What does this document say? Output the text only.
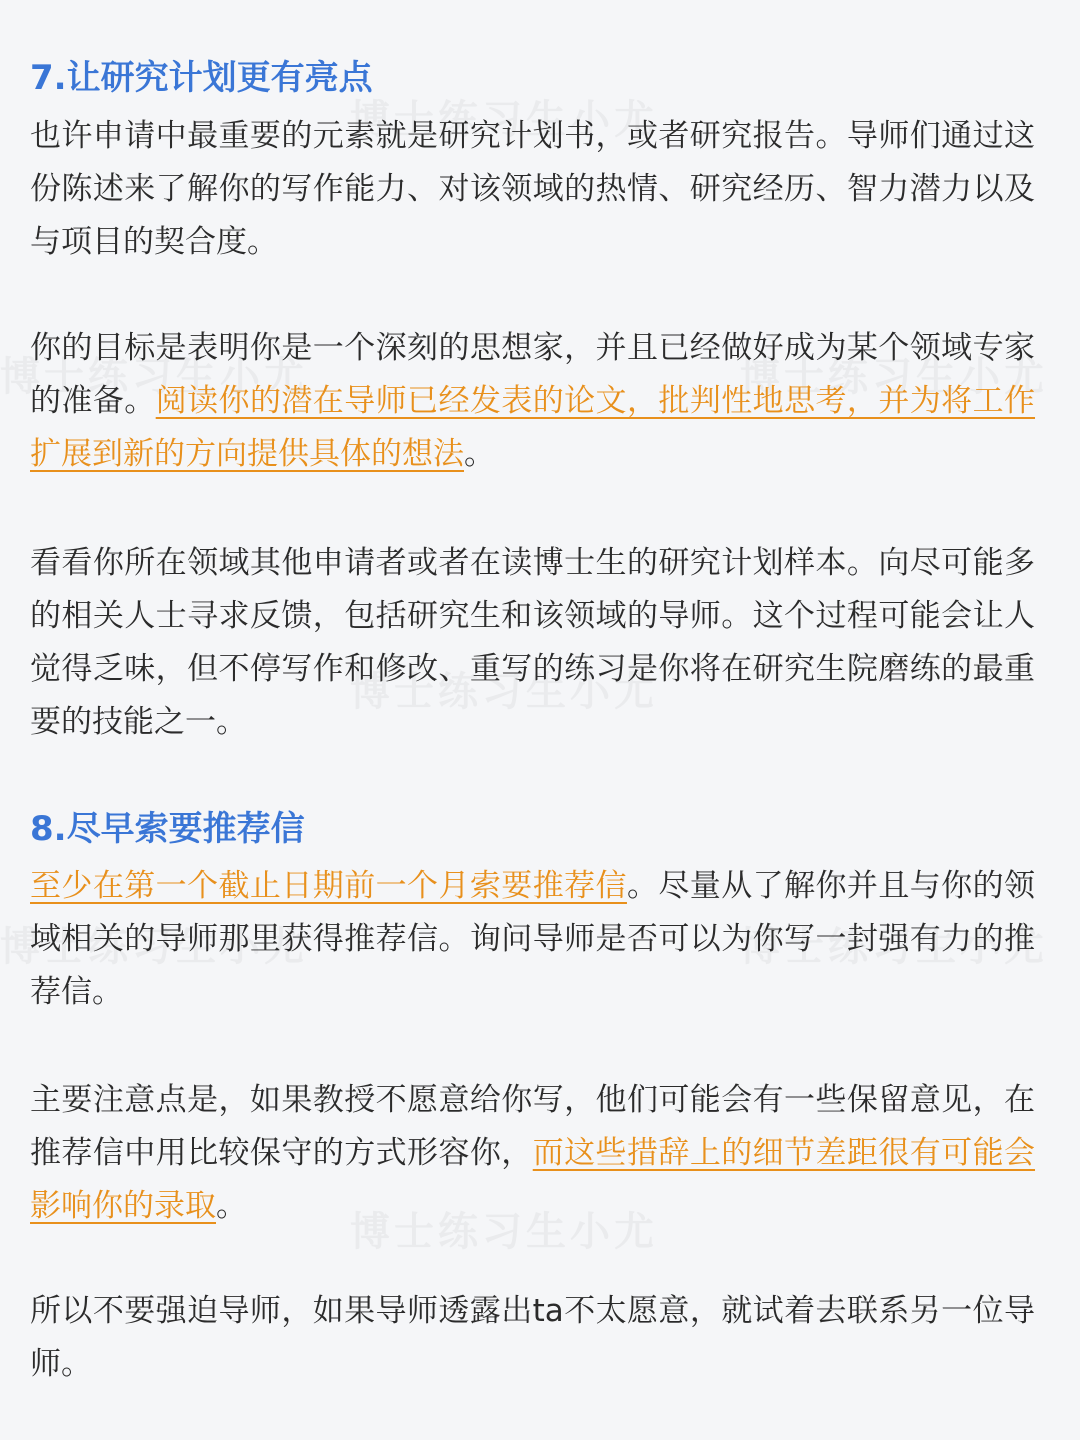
7.让研究计划更有亮点
也许申请中最重要的元素就是研究计划书，或者研究报告。导师们通过这份陈述来了解你的写作能力、对该领域的热情、研究经历、智力潜力以及与项目的契合度。
你的目标是表明你是一个深刻的思想家，并且已经做好成为某个领域专家的准备。阅读你的潜在导师已经发表的论文，批判性地思考，并为将工作扩展到新的方向提供具体的想法。
看看你所在领域其他申请者或者在读博士生的研究计划样本。向尽可能多的相关人士寻求反馈，包括研究生和该领域的导师。这个过程可能会让人觉得乏味，但不停写作和修改、重写的练习是你将在研究生院磨练的最重要的技能之一。
8.尽早索要推荐信
至少在第一个截止日期前一个月索要推荐信。尽量从了解你并且与你的领域相关的导师那里获得推荐信。询问导师是否可以为你写一封强有力的推荐信。
主要注意点是，如果教授不愿意给你写，他们可能会有一些保留意见，在推荐信中用比较保守的方式形容你，而这些措辞上的细节差距很有可能会影响你的录取。
所以不要强迫导师，如果导师透露出ta不太愿意，就试着去联系另一位导师。
